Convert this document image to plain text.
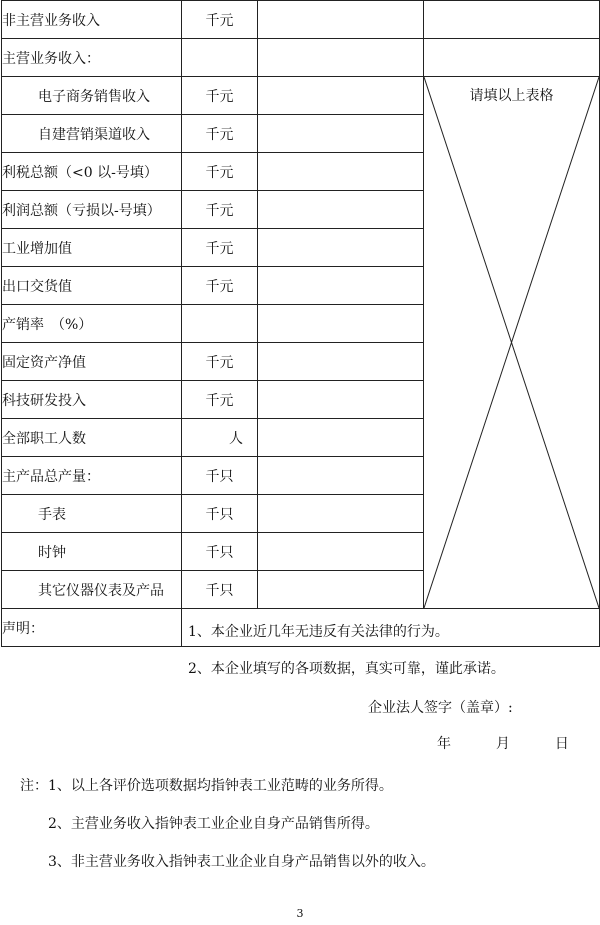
非主营业务收入	千元		
主营业务收入：			
电子商务销售收入	千元		请填以上表格

自建营销渠道收入	千元		
利税总额（<0 以-号填）	千元		
利润总额（亏损以-号填）	千元		
工业增加值	千元		
出口交货值	千元		
产销率　（%）			
固定资产净值	千元		
科技研发投入	千元		
全部职工人数	人		
主产品总产量：	千只		
手表	千只		
时钟	千只		
其它仪器仪表及产品	千只		
声明：	1、本企业近几年无违反有关法律的行为。
2、本企业填写的各项数据，真实可靠，谨此承诺。
企业法人签字（盖章）:
年 月 日		
注：1、以上各评价选项数据均指钟表工业范畴的业务所得。
2、主营业务收入指钟表工业企业自身产品销售所得。
3、非主营业务收入指钟表工业企业自身产品销售以外的收入。
3
